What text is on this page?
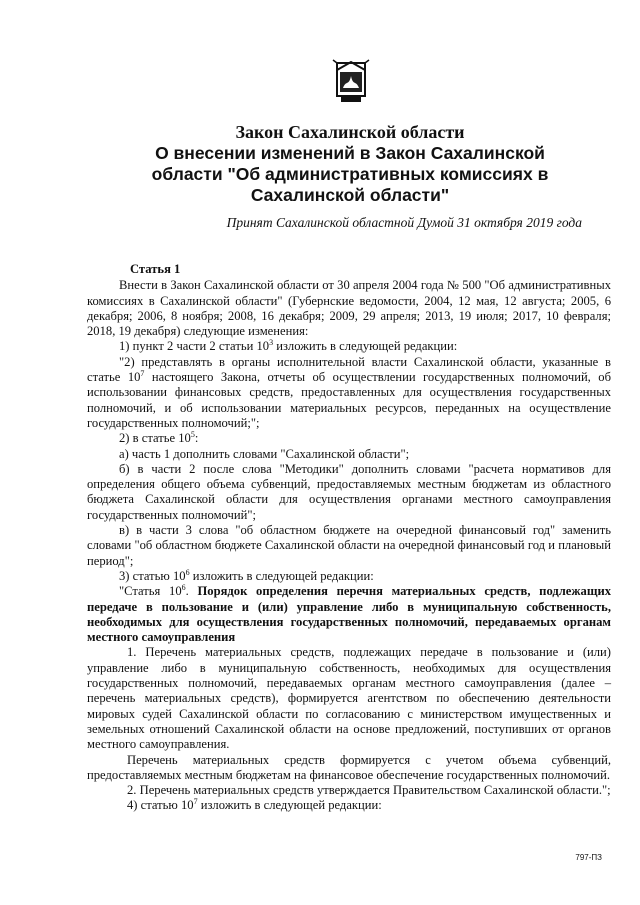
Закон Сахалинской области
О внесении изменений в Закон Сахалинской
области "Об административных комиссиях в
Сахалинской области"
Принят Сахалинской областной Думой 31 октября 2019 года

Статья 1

Внести в Закон Сахалинской области от 30 апреля 2004 года № 500 "Об административных комиссиях в Сахалинской области" (Губернские ведомости, 2004, 12 мая, 12 августа; 2005, 6 декабря; 2006, 8 ноября; 2008, 16 декабря; 2009, 29 апреля; 2013, 19 июля; 2017, 10 февраля; 2018, 19 декабря) следующие изменения:

1) пункт 2 части 2 статьи $10^3$ изложить в следующей редакции:

"2) представлять в органы исполнительной власти Сахалинской области, указанные в статье $10^7$ настоящего Закона, отчеты об осуществлении государственных полномочий, об использовании финансовых средств, предоставленных для осуществления государственных полномочий, и об использовании материальных ресурсов, переданных на осуществление государственных полномочий;";

2) в статье $10^5$:

а) часть 1 дополнить словами "Сахалинской области";

б) в части 2 после слова "Методики" дополнить словами "расчета нормативов для определения общего объема субвенций, предоставляемых местным бюджетам из областного бюджета Сахалинской области для осуществления органами местного самоуправления государственных полномочий";

в) в части 3 слова "об областном бюджете на очередной финансовый год" заменить словами "об областном бюджете Сахалинской области на очередной финансовый год и плановый период";

3) статью $10^6$ изложить в следующей редакции:

"Статья $10^6$. Порядок определения перечня материальных средств, подлежащих передаче в пользование и (или) управление либо в муниципальную собственность, необходимых для осуществления государственных полномочий, передаваемых органам местного самоуправления

1. Перечень материальных средств, подлежащих передаче в пользование и (или) управление либо в муниципальную собственность, необходимых для осуществления государственных полномочий, передаваемых органам местного самоуправления (далее – перечень материальных средств), формируется агентством по обеспечению деятельности мировых судей Сахалинской области по согласованию с министерством имущественных и земельных отношений Сахалинской области на основе предложений, поступивших от органов местного самоуправления.

Перечень материальных средств формируется с учетом объема субвенций, предоставляемых местным бюджетам на финансовое обеспечение государственных полномочий.

2. Перечень материальных средств утверждается Правительством Сахалинской области.";

4) статью $10^7$ изложить в следующей редакции:

797-ПЗ
